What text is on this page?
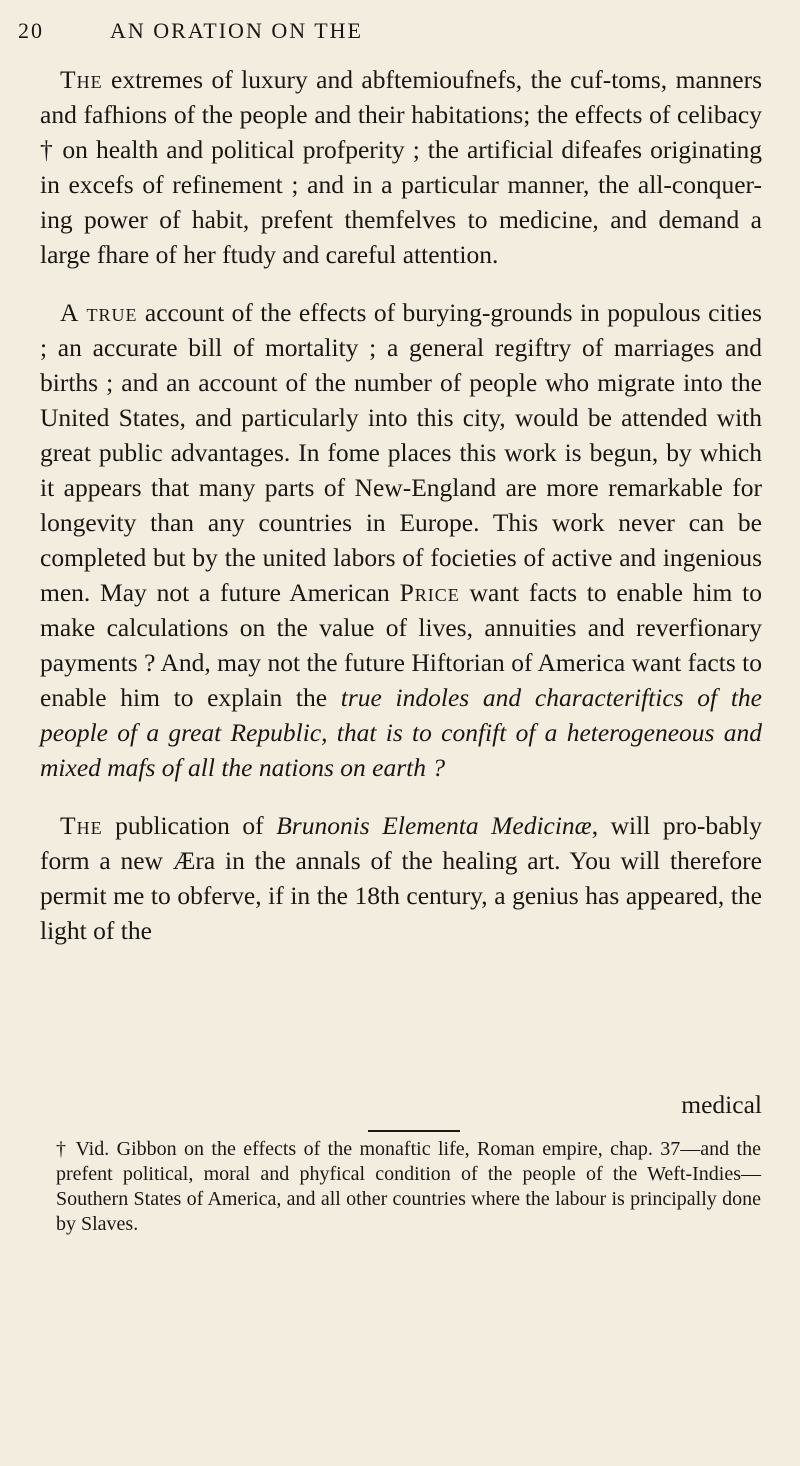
20	AN ORATION ON THE

The extremes of luxury and abftemioufnefs, the cuf-toms, manners and fafhions of the people and their habitations; the effects of celibacy † on health and political profperity ; the artificial difeafes originating in excefs of refinement ; and in a particular manner, the all-conquer-ing power of habit, prefent themfelves to medicine, and demand a large fhare of her ftudy and careful attention.

A true account of the effects of burying-grounds in populous cities ; an accurate bill of mortality ; a general regiftry of marriages and births ; and an account of the number of people who migrate into the United States, and particularly into this city, would be attended with great public advantages. In fome places this work is begun, by which it appears that many parts of New-England are more remarkable for longevity than any countries in Europe. This work never can be completed but by the united labors of focieties of active and ingenious men. May not a future American Price want facts to enable him to make calculations on the value of lives, annuities and reverfionary payments ? And, may not the future Hiftorian of America want facts to enable him to explain the true indoles and characteriftics of the people of a great Republic, that is to confift of a heterogeneous and mixed mafs of all the nations on earth ?

The publication of Brunonis Elementa Medicinæ, will pro-bably form a new Æra in the annals of the healing art. You will therefore permit me to obferve, if in the 18th century, a genius has appeared, the light of the

medical
† Vid. Gibbon on the effects of the monaftic life, Roman empire, chap. 37—and the prefent political, moral and phyfical condition of the people of the Weft-Indies—Southern States of America, and all other countries where the labour is principally done by Slaves.
